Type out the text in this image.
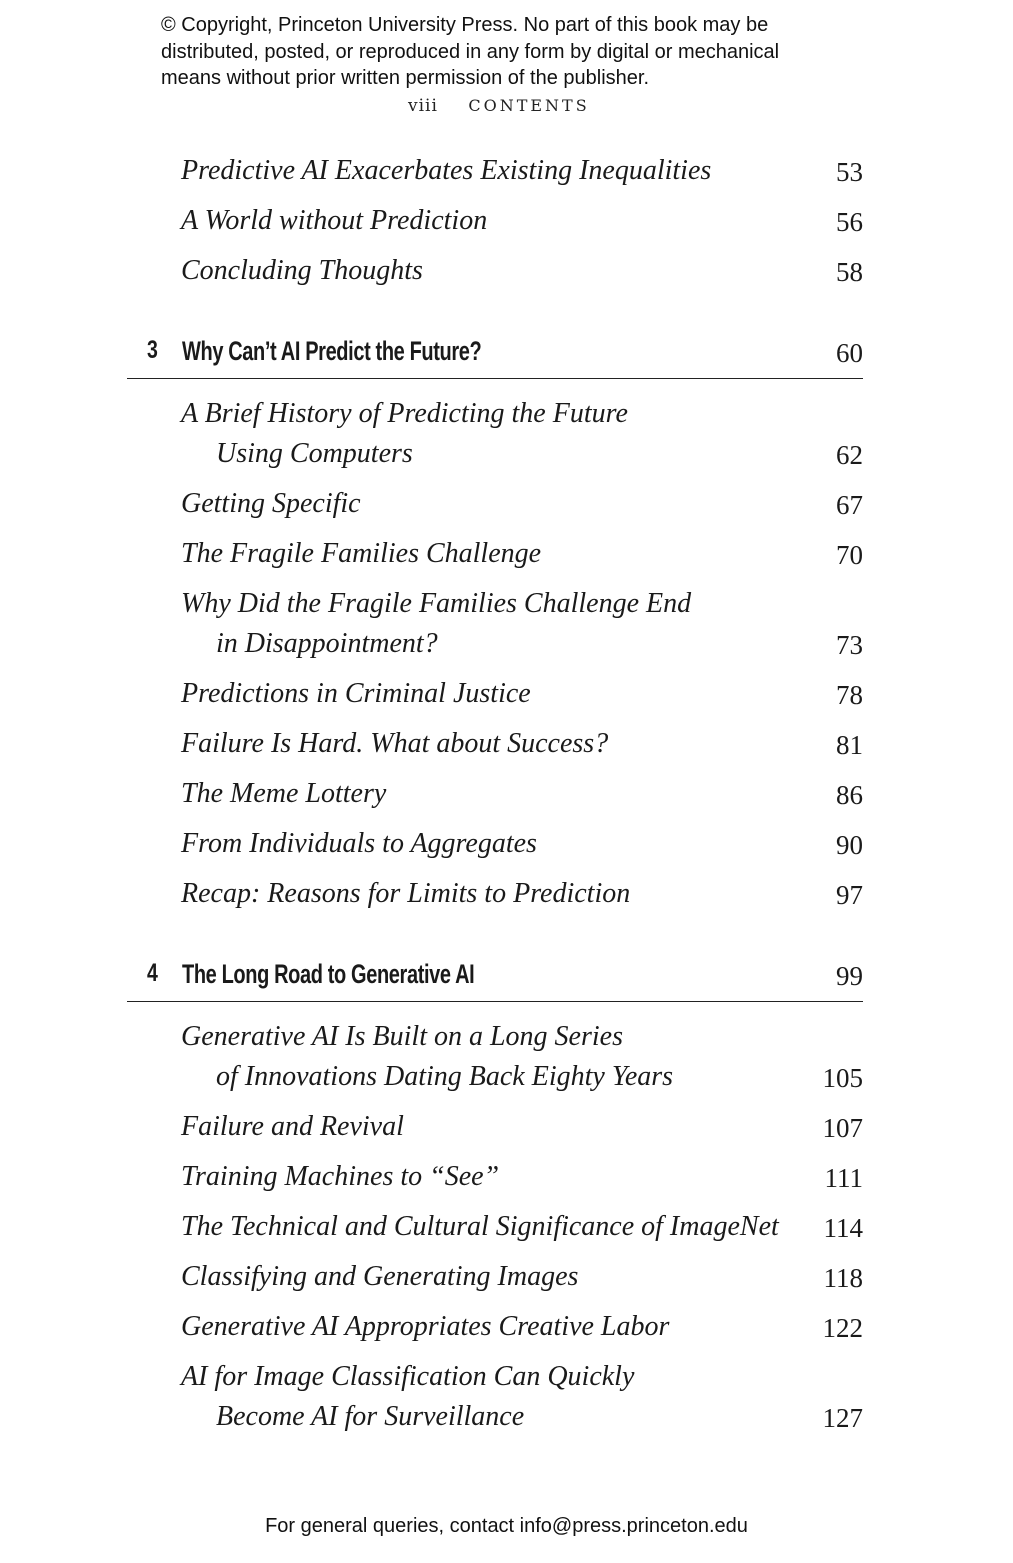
© Copyright, Princeton University Press. No part of this book may be
distributed, posted, or reproduced in any form by digital or mechanical
means without prior written permission of the publisher.
viii CONTENTS
Predictive AI Exacerbates Existing Inequalities	53
A World without Prediction	56
Concluding Thoughts	58
3 Why Can’t AI Predict the Future?	60
A Brief History of Predicting the Future
Using Computers	62
Getting Specific	67
The Fragile Families Challenge	70
Why Did the Fragile Families Challenge End
in Disappointment?	73
Predictions in Criminal Justice	78
Failure Is Hard. What about Success?	81
The Meme Lottery	86
From Individuals to Aggregates	90
Recap: Reasons for Limits to Prediction	97
4 The Long Road to Generative AI	99
Generative AI Is Built on a Long Series
of Innovations Dating Back Eighty Years	105
Failure and Revival	107
Training Machines to “See”	111
The Technical and Cultural Significance of ImageNet	114
Classifying and Generating Images	118
Generative AI Appropriates Creative Labor	122
AI for Image Classification Can Quickly
Become AI for Surveillance	127
For general queries, contact info@press.princeton.edu
